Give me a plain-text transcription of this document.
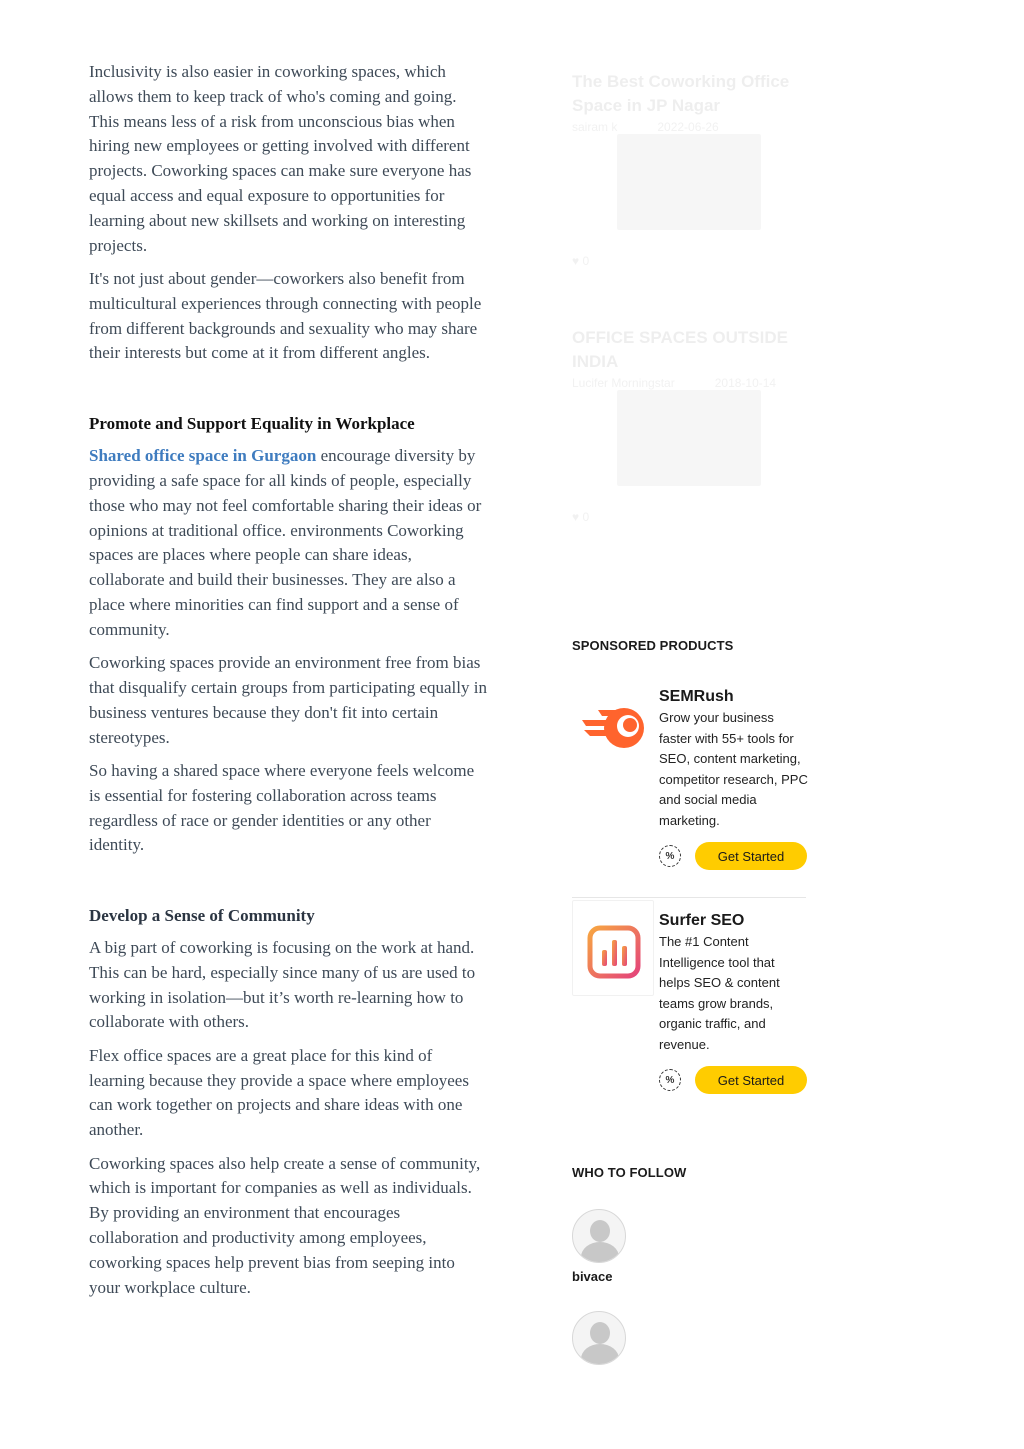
Inclusivity is also easier in coworking spaces, which allows them to keep track of who's coming and going. This means less of a risk from unconscious bias when hiring new employees or getting involved with different projects. Coworking spaces can make sure everyone has equal access and equal exposure to opportunities for learning about new skillsets and working on interesting projects.

It's not just about gender—coworkers also benefit from multicultural experiences through connecting with people from different backgrounds and sexuality who may share their interests but come at it from different angles.

Promote and Support Equality in Workplace

Shared office space in Gurgaon encourage diversity by providing a safe space for all kinds of people, especially those who may not feel comfortable sharing their ideas or opinions at traditional office. environments Coworking spaces are places where people can share ideas, collaborate and build their businesses. They are also a place where minorities can find support and a sense of community.

Coworking spaces provide an environment free from bias that disqualify certain groups from participating equally in business ventures because they don't fit into certain stereotypes.

So having a shared space where everyone feels welcome is essential for fostering collaboration across teams regardless of race or gender identities or any other identity.

Develop a Sense of Community

A big part of coworking is focusing on the work at hand. This can be hard, especially since many of us are used to working in isolation—but it’s worth re-learning how to collaborate with others.

Flex office spaces are a great place for this kind of learning because they provide a space where employees can work together on projects and share ideas with one another.

Coworking spaces also help create a sense of community, which is important for companies as well as individuals. By providing an environment that encourages collaboration and productivity among employees, coworking spaces help prevent bias from seeping into your workplace culture.

The Best Coworking Office Space in JP Nagar
sairam k	2022-06-26
♥ 0
OFFICE SPACES OUTSIDE INDIA
Lucifer Morningstar	2018-10-14
♥ 0
SPONSORED PRODUCTS
SEMRush
Grow your business faster with 55+ tools for SEO, content marketing, competitor research, PPC and social media marketing.
%	Get Started
Surfer SEO
The #1 Content Intelligence tool that helps SEO & content teams grow brands, organic traffic, and revenue.
%	Get Started
WHO TO FOLLOW
bivace
